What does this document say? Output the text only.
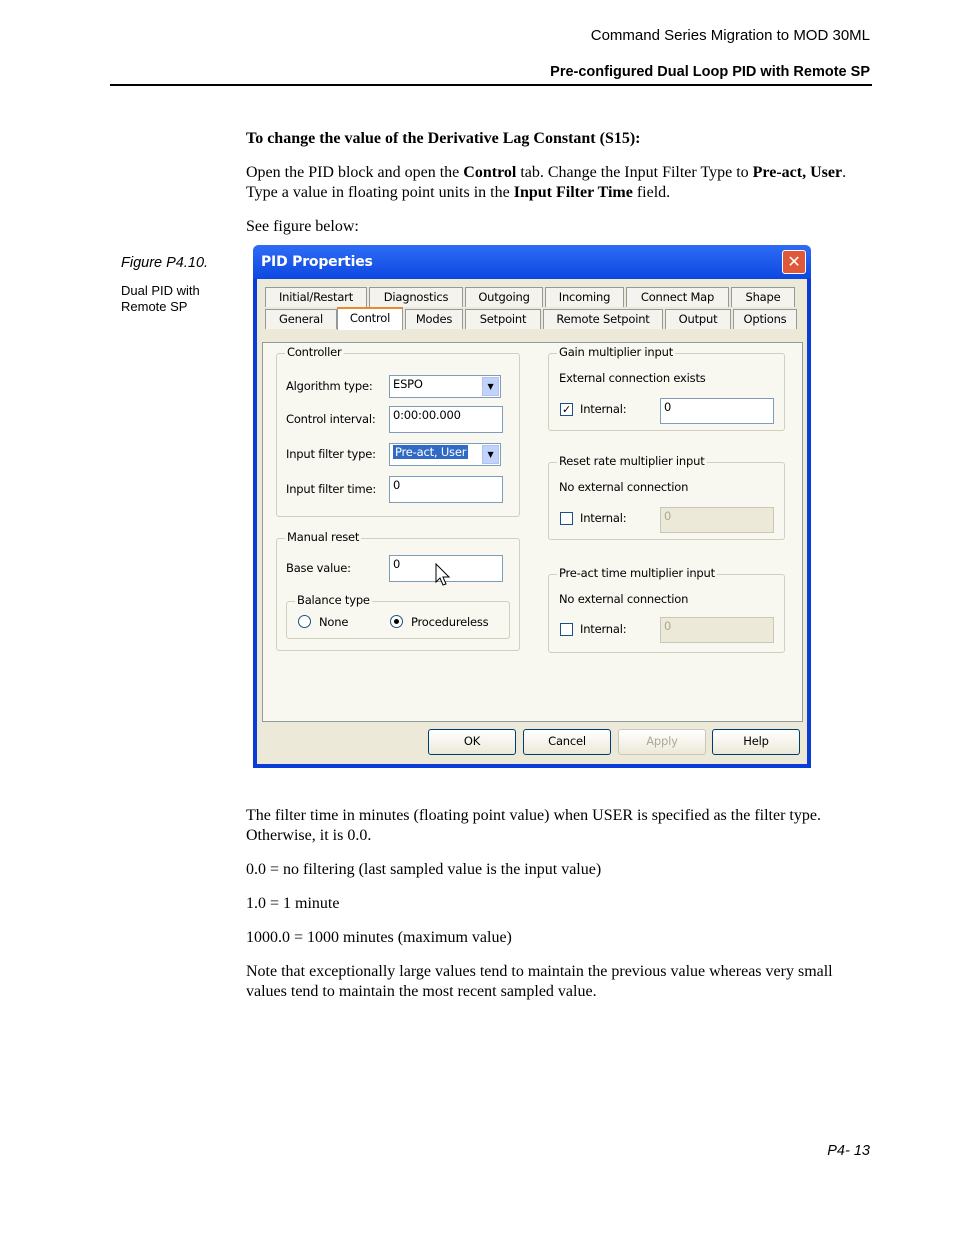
Command Series Migration to MOD 30ML
Pre-configured Dual Loop PID with Remote SP
To change the value of the Derivative Lag Constant (S15):
Open the PID block and open the Control tab. Change the Input Filter Type to Pre-act, User. Type a value in floating point units in the Input Filter Time field.
See figure below:
Figure P4.10.
Dual PID with Remote SP
PID Properties	✕
Initial/Restart	Diagnostics	Outgoing	Incoming	Connect Map	Shape
General	Control	Modes	Setpoint	Remote Setpoint	Output	Options
Controller
Algorithm type:	ESPO	▼
Control interval:	0:00:00.000
Input filter type:	Pre-act, User	▼
Input filter time:	0
Manual reset
Base value:	0
Balance type
None	Procedureless
Gain multiplier input
External connection exists
✓ Internal:	0
Reset rate multiplier input
No external connection
Internal:	0
Pre-act time multiplier input
No external connection
Internal:	0
OK	Cancel	Apply	Help
The filter time in minutes (floating point value) when USER is specified as the filter type. Otherwise, it is 0.0.
0.0 = no filtering (last sampled value is the input value)
1.0 = 1 minute
1000.0 = 1000 minutes (maximum value)
Note that exceptionally large values tend to maintain the previous value whereas very small values tend to maintain the most recent sampled value.
P4- 13
